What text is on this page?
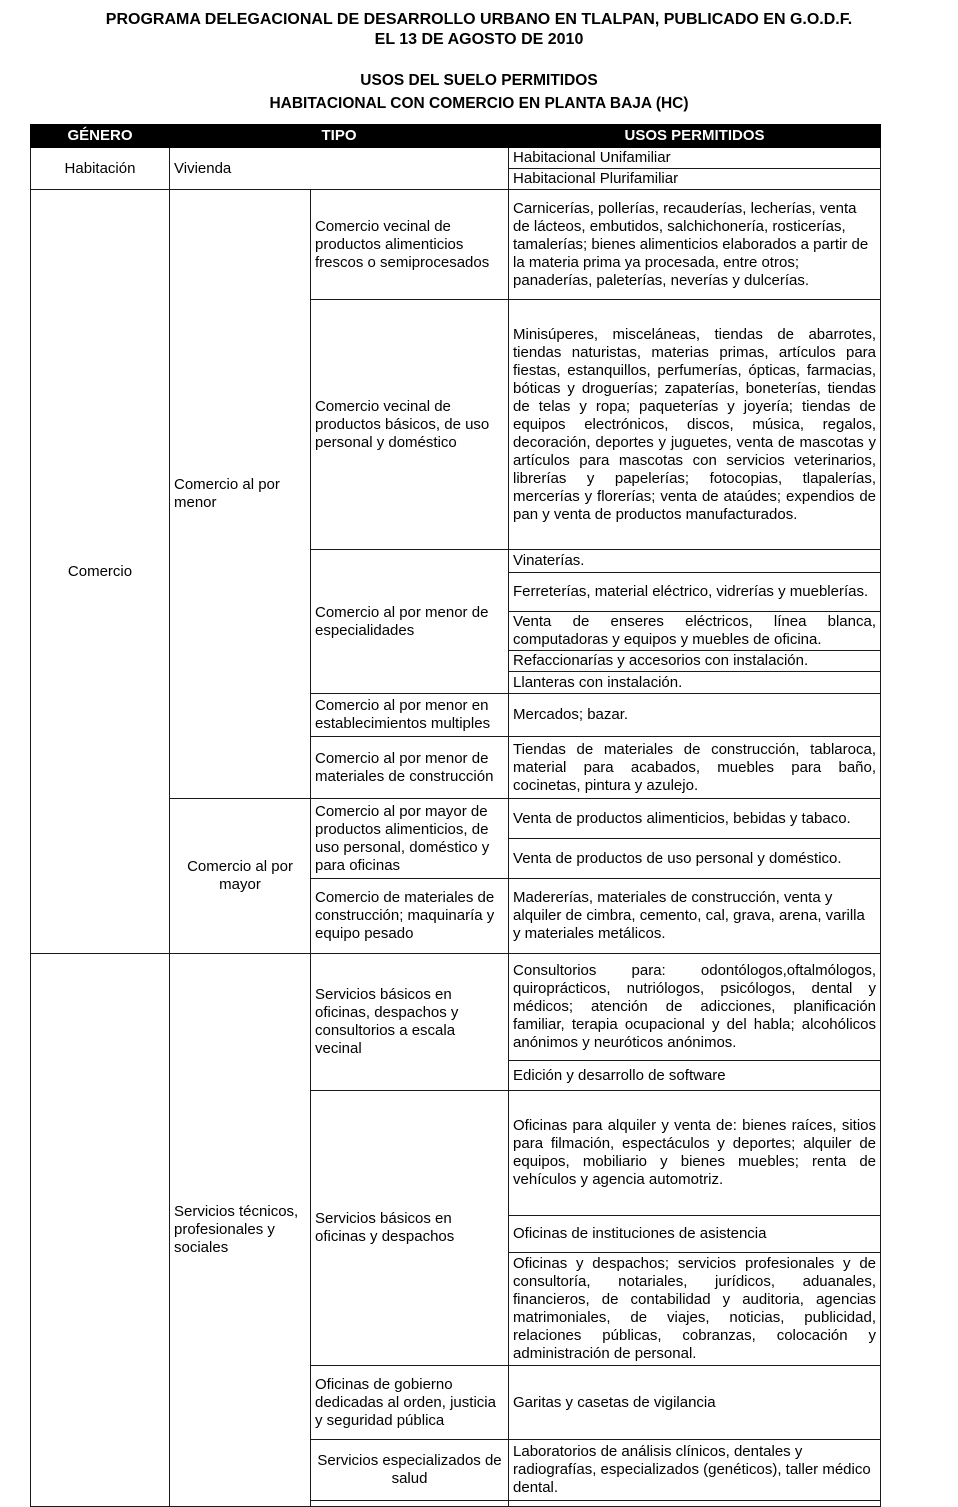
PROGRAMA DELEGACIONAL DE DESARROLLO URBANO EN TLALPAN, PUBLICADO EN G.O.D.F.
EL 13 DE AGOSTO DE 2010
USOS DEL SUELO PERMITIDOS
HABITACIONAL CON COMERCIO EN PLANTA BAJA (HC)
GÉNERO	TIPO		USOS PERMITIDOS
Habitación	Vivienda		Habitacional Unifamiliar
			Habitacional Plurifamiliar
Comercio	Comercio al por menor	Comercio vecinal de productos alimenticios frescos o semiprocesados	Carnicerías, pollerías, recauderías, lecherías, venta de lácteos, embutidos, salchichonería, rosticerías, tamalerías; bienes alimenticios elaborados a partir de la materia prima ya procesada, entre otros; panaderías, paleterías, neverías y dulcerías.
		Comercio vecinal de productos básicos, de uso personal y doméstico	Minisúperes, misceláneas, tiendas de abarrotes, tiendas naturistas, materias primas, artículos para fiestas, estanquillos, perfumerías, ópticas, farmacias, bóticas y droguerías; zapaterías, boneterías, tiendas de telas y ropa; paqueterías y joyería; tiendas de equipos electrónicos, discos, música, regalos, decoración, deportes y juguetes, venta de mascotas y artículos para mascotas con servicios veterinarios, librerías y papelerías; fotocopias, tlapalerías, mercerías y florerías; venta de ataúdes; expendios de pan y venta de productos manufacturados.
		Comercio al por menor de especialidades	Vinaterías.
			Ferreterías, material eléctrico, vidrerías y mueblerías.
			Venta de enseres eléctricos, línea blanca, computadoras y equipos y muebles de oficina.
			Refaccionarías y accesorios con instalación.
			Llanteras con instalación.
		Comercio al por menor en establecimientos multiples	Mercados; bazar.
		Comercio al por menor de materiales de construcción	Tiendas de materiales de construcción, tablaroca, material para acabados, muebles para baño, cocinetas, pintura y azulejo.
	Comercio al por mayor	Comercio al por mayor de productos alimenticios, de uso personal, doméstico y para oficinas	Venta de productos alimenticios, bebidas y tabaco.
			Venta de productos de uso personal y doméstico.
		Comercio de materiales de construcción; maquinaría y equipo pesado	Madererías, materiales de construcción, venta y alquiler de cimbra, cemento, cal, grava, arena, varilla y materiales metálicos.
	Servicios técnicos, profesionales y sociales	Servicios básicos en oficinas, despachos y consultorios a escala vecinal	Consultorios para: odontólogos,oftalmólogos, quiroprácticos, nutriólogos, psicólogos, dental y médicos; atención de adicciones, planificación familiar, terapia ocupacional y del habla; alcohólicos anónimos y neuróticos anónimos.
			Edición y desarrollo de software
		Servicios básicos en oficinas y despachos	Oficinas para alquiler y venta de: bienes raíces, sitios para filmación, espectáculos y deportes; alquiler de equipos, mobiliario y bienes muebles; renta de vehículos y agencia automotriz.
			Oficinas de instituciones de asistencia
			Oficinas y despachos; servicios profesionales y de consultoría, notariales, jurídicos, aduanales, financieros, de contabilidad y auditoria, agencias matrimoniales, de viajes, noticias, publicidad, relaciones públicas, cobranzas, colocación y administración de personal.
		Oficinas de gobierno dedicadas al orden, justicia y seguridad pública	Garitas y casetas de vigilancia
		Servicios especializados de salud	Laboratorios de análisis clínicos, dentales y radiografías, especializados (genéticos), taller médico dental.
